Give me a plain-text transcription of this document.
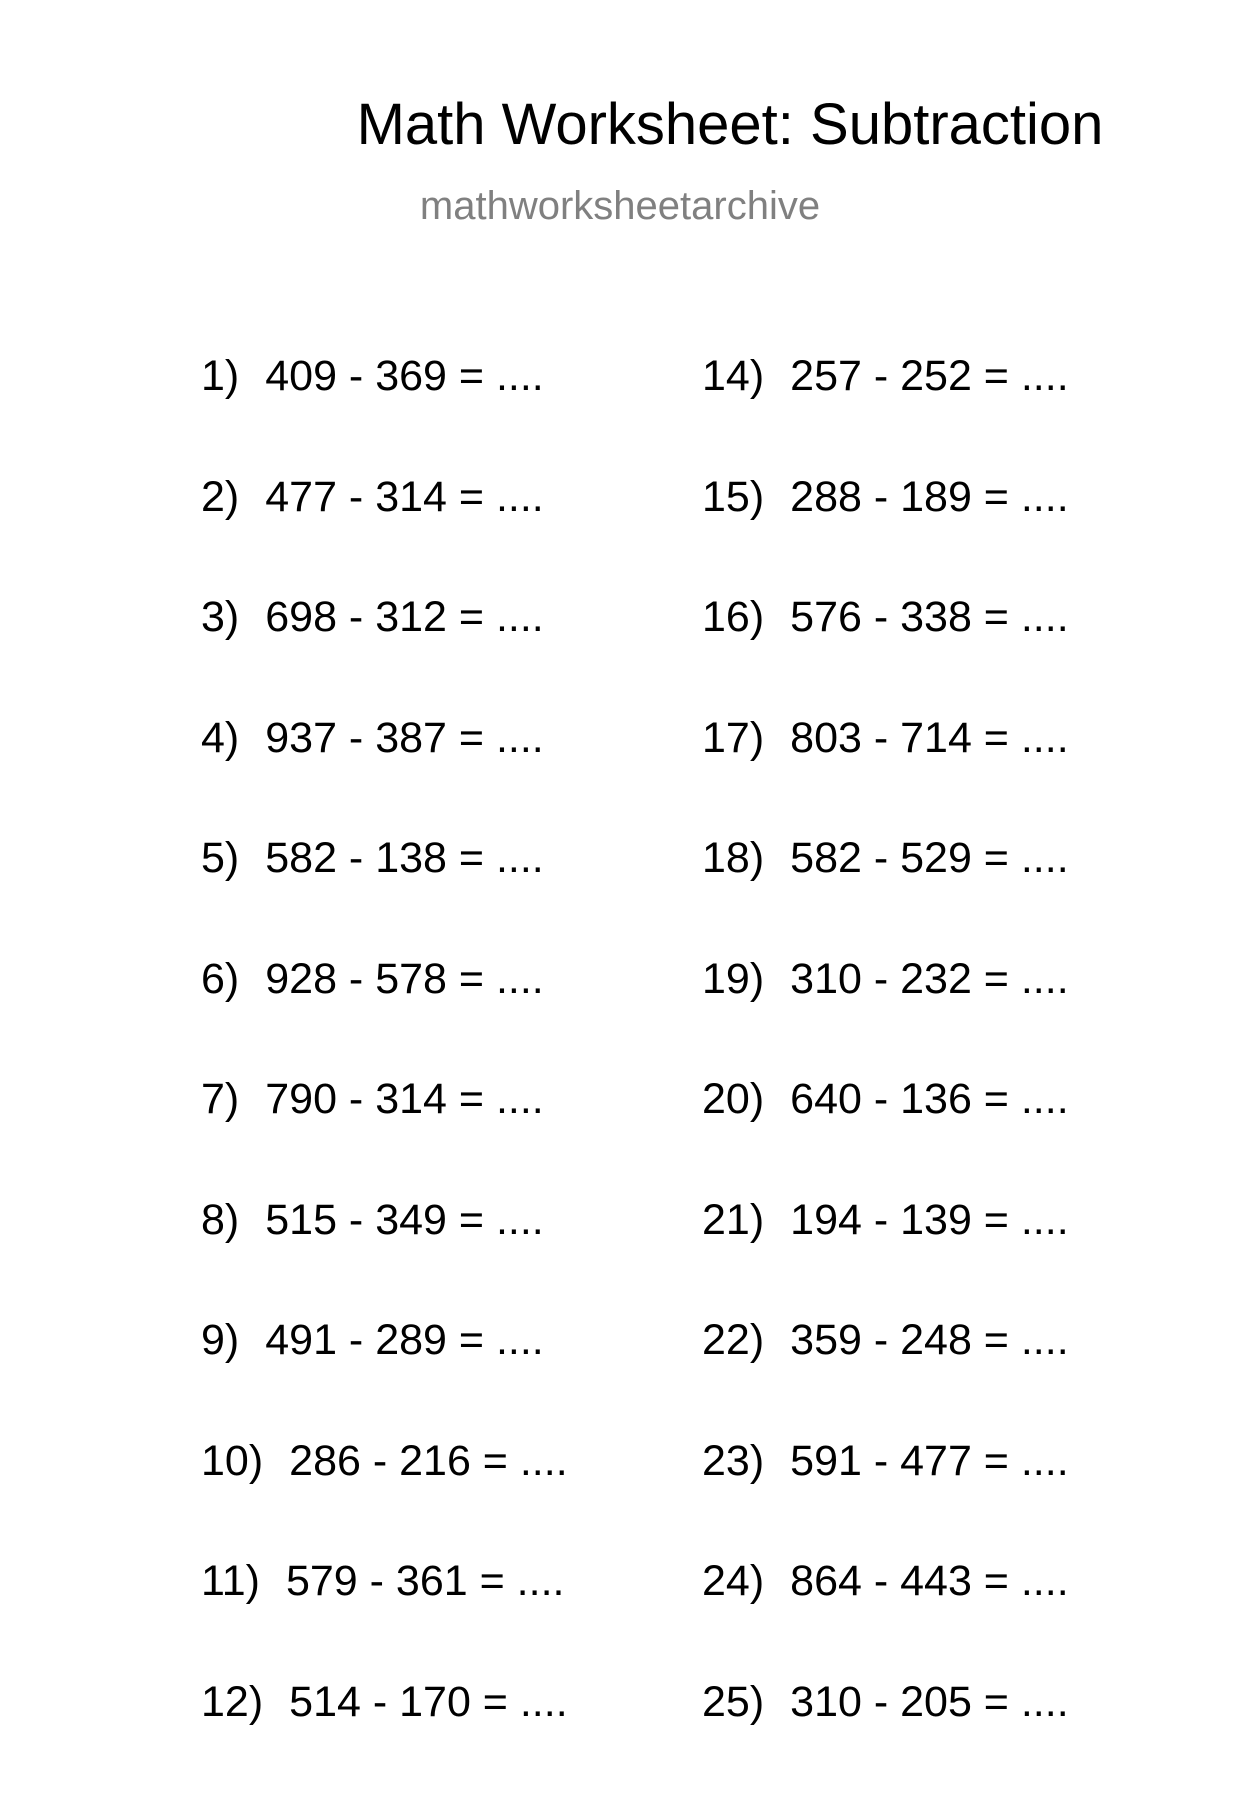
Math Worksheet: Subtraction
mathworksheetarchive
1) 409 - 369 = ....
2) 477 - 314 = ....
3) 698 - 312 = ....
4) 937 - 387 = ....
5) 582 - 138 = ....
6) 928 - 578 = ....
7) 790 - 314 = ....
8) 515 - 349 = ....
9) 491 - 289 = ....
10) 286 - 216 = ....
11) 579 - 361 = ....
12) 514 - 170 = ....
14) 257 - 252 = ....
15) 288 - 189 = ....
16) 576 - 338 = ....
17) 803 - 714 = ....
18) 582 - 529 = ....
19) 310 - 232 = ....
20) 640 - 136 = ....
21) 194 - 139 = ....
22) 359 - 248 = ....
23) 591 - 477 = ....
24) 864 - 443 = ....
25) 310 - 205 = ....
